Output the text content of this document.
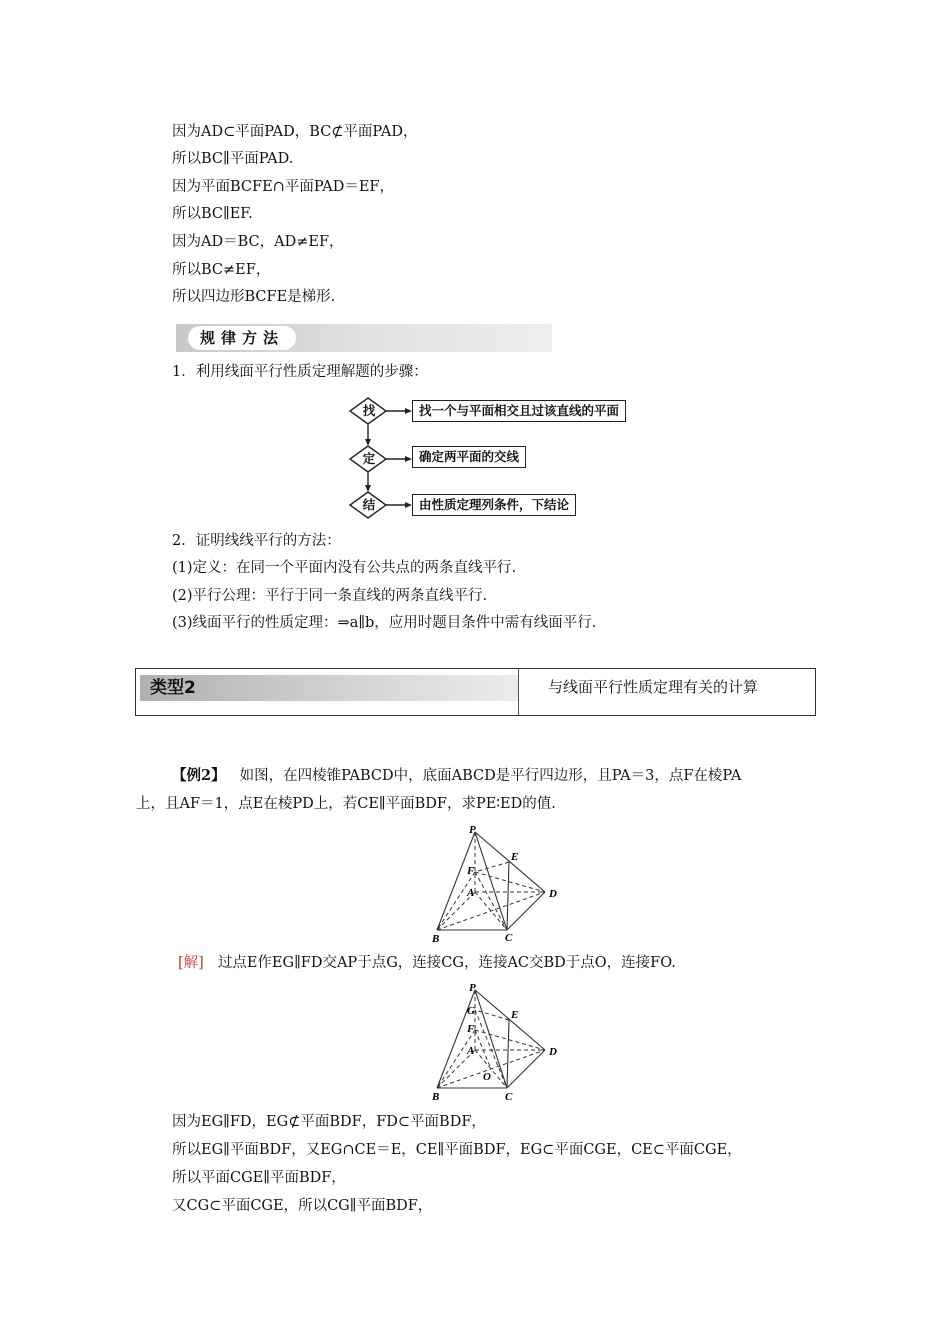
因为AD⊂平面PAD，BC⊄平面PAD，
所以BC∥平面PAD.
因为平面BCFE∩平面PAD＝EF，
所以BC∥EF.
因为AD＝BC，AD≠EF，
所以BC≠EF，
所以四边形BCFE是梯形.
规律方法
1．利用线面平行性质定理解题的步骤：
找
定
结
找一个与平面相交且过该直线的平面
确定两平面的交线
由性质定理列条件，下结论
2．证明线线平行的方法：
(1)定义：在同一个平面内没有公共点的两条直线平行.
(2)平行公理：平行于同一条直线的两条直线平行.
(3)线面平行的性质定理：⇒a∥b，应用时题目条件中需有线面平行.
类型2	与线面平行性质定理有关的计算
【例2】 如图，在四棱锥PABCD中，底面ABCD是平行四边形，且PA＝3，点F在棱PA
上，且AF＝1，点E在棱PD上，若CE∥平面BDF，求PE∶ED的值.
P
E
F
A	D
B	C
[解] 过点E作EG∥FD交AP于点G，连接CG，连接AC交BD于点O，连接FO.
P
G
F
E
A	D
O
B	C
因为EG∥FD，EG⊄平面BDF，FD⊂平面BDF，
所以EG∥平面BDF，又EG∩CE＝E，CE∥平面BDF，EG⊂平面CGE，CE⊂平面CGE，
所以平面CGE∥平面BDF，
又CG⊂平面CGE，所以CG∥平面BDF，
